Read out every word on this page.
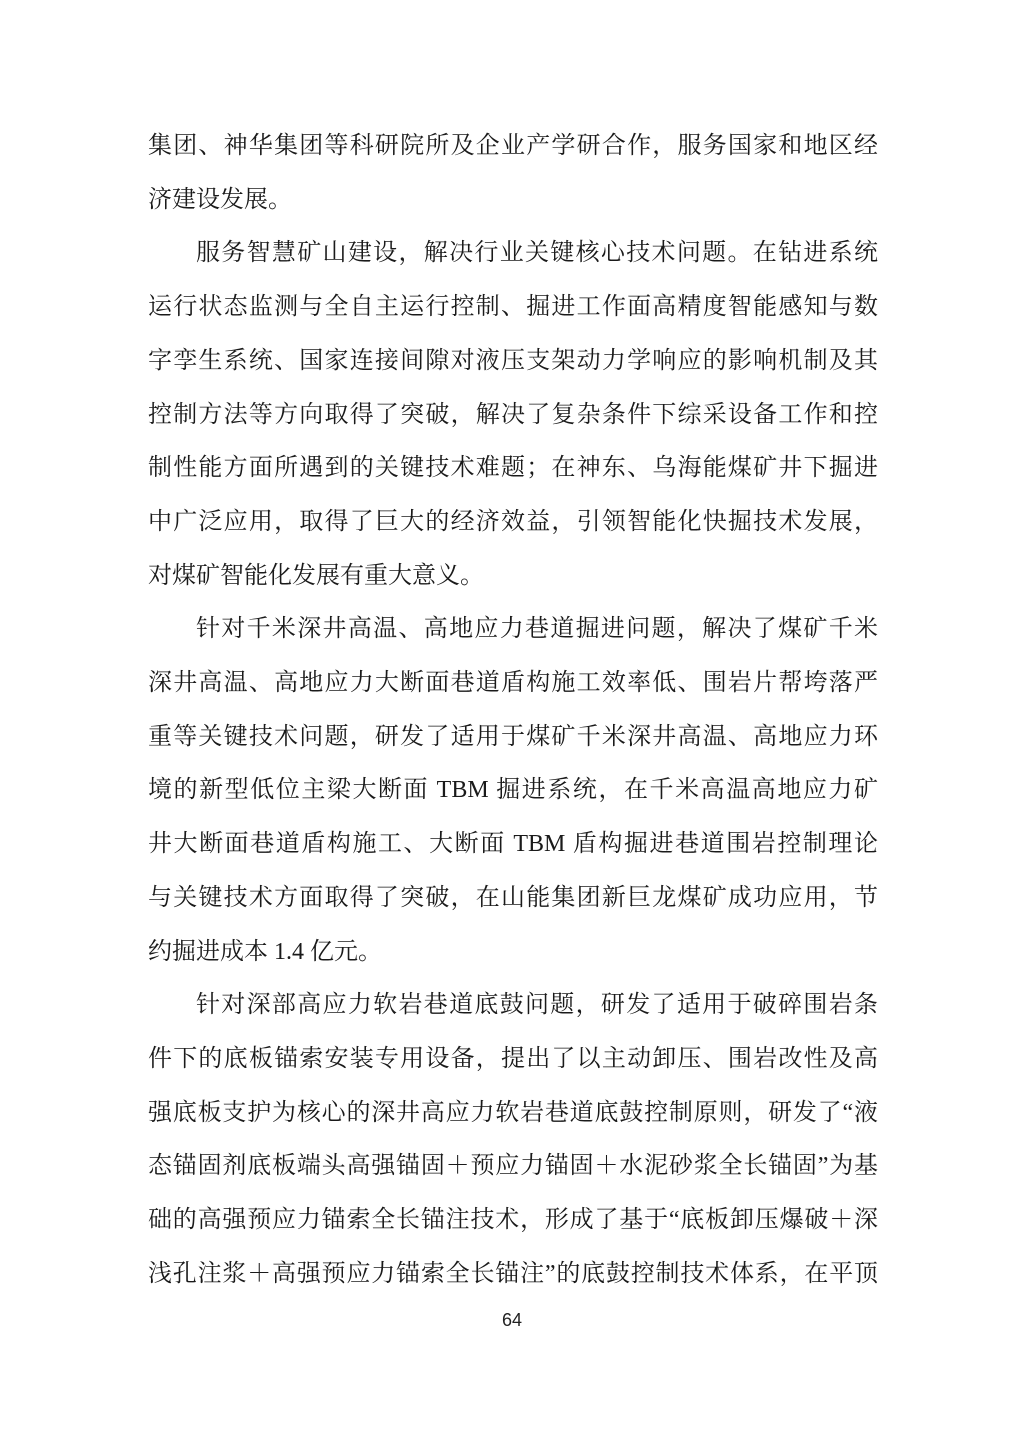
集团、神华集团等科研院所及企业产学研合作，服务国家和地区经
济建设发展。

服务智慧矿山建设，解决行业关键核心技术问题。在钻进系统
运行状态监测与全自主运行控制、掘进工作面高精度智能感知与数
字孪生系统、国家连接间隙对液压支架动力学响应的影响机制及其
控制方法等方向取得了突破，解决了复杂条件下综采设备工作和控
制性能方面所遇到的关键技术难题；在神东、乌海能煤矿井下掘进
中广泛应用，取得了巨大的经济效益，引领智能化快掘技术发展，
对煤矿智能化发展有重大意义。

针对千米深井高温、高地应力巷道掘进问题，解决了煤矿千米
深井高温、高地应力大断面巷道盾构施工效率低、围岩片帮垮落严
重等关键技术问题，研发了适用于煤矿千米深井高温、高地应力环
境的新型低位主梁大断面 TBM 掘进系统，在千米高温高地应力矿
井大断面巷道盾构施工、大断面 TBM 盾构掘进巷道围岩控制理论
与关键技术方面取得了突破，在山能集团新巨龙煤矿成功应用，节
约掘进成本 1.4 亿元。

针对深部高应力软岩巷道底鼓问题，研发了适用于破碎围岩条
件下的底板锚索安装专用设备，提出了以主动卸压、围岩改性及高
强底板支护为核心的深井高应力软岩巷道底鼓控制原则，研发了“液
态锚固剂底板端头高强锚固＋预应力锚固＋水泥砂浆全长锚固”为基
础的高强预应力锚索全长锚注技术，形成了基于“底板卸压爆破＋深
浅孔注浆＋高强预应力锚索全长锚注”的底鼓控制技术体系，在平顶

64
